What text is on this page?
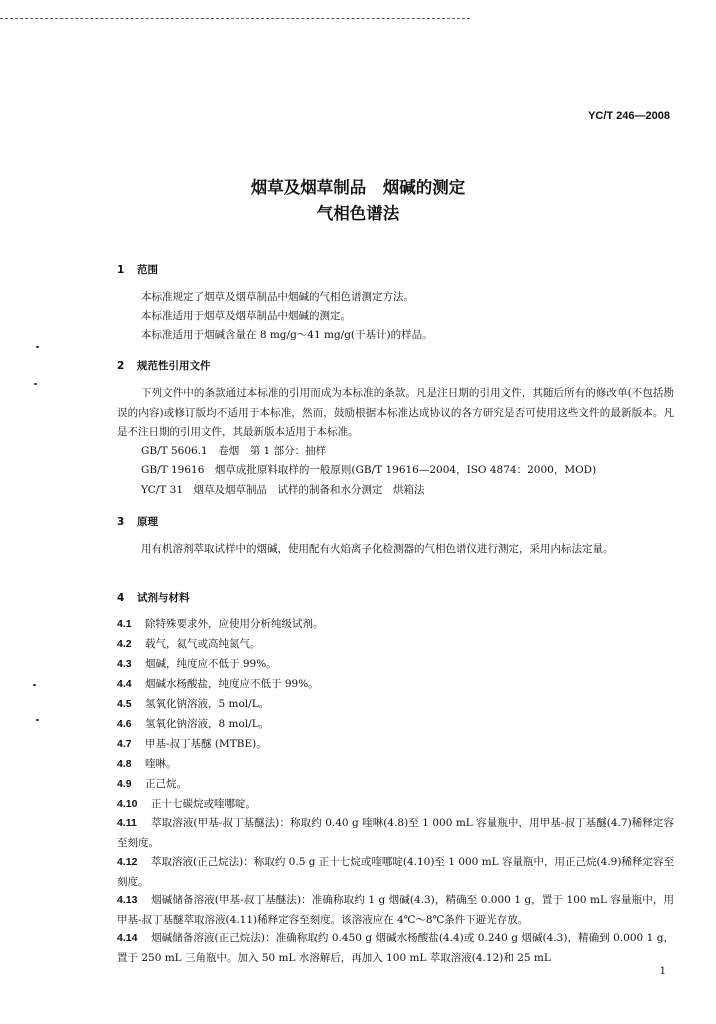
YC/T 246—2008
烟草及烟草制品　烟碱的测定
气相色谱法
1 范围
本标准规定了烟草及烟草制品中烟碱的气相色谱测定方法。
本标准适用于烟草及烟草制品中烟碱的测定。
本标准适用于烟碱含量在 8 mg/g～41 mg/g(干基计)的样品。
2 规范性引用文件
下列文件中的条款通过本标准的引用而成为本标准的条款。凡是注日期的引用文件，其随后所有的修改单(不包括勘误的内容)或修订版均不适用于本标准，然而，鼓励根据本标准达成协议的各方研究是否可使用这些文件的最新版本。凡是不注日期的引用文件，其最新版本适用于本标准。
GB/T 5606.1　卷烟　第 1 部分：抽样
GB/T 19616　烟草成批原料取样的一般原则(GB/T 19616—2004，ISO 4874：2000，MOD)
YC/T 31　烟草及烟草制品　试样的制备和水分测定　烘箱法
3 原理
用有机溶剂萃取试样中的烟碱，使用配有火焰离子化检测器的气相色谱仪进行测定，采用内标法定量。
4 试剂与材料
4.1 除特殊要求外，应使用分析纯级试剂。
4.2 载气，氦气或高纯氮气。
4.3 烟碱，纯度应不低于 99%。
4.4 烟碱水杨酸盐，纯度应不低于 99%。
4.5 氢氧化钠溶液，5 mol/L。
4.6 氢氧化钠溶液，8 mol/L。
4.7 甲基-叔丁基醚 (MTBE)。
4.8 喹啉。
4.9 正己烷。
4.10 正十七碳烷或喹哪啶。
4.11 萃取溶液(甲基-叔丁基醚法)：称取约 0.40 g 喹啉(4.8)至 1 000 mL 容量瓶中，用甲基-叔丁基醚(4.7)稀释定容至刻度。
4.12 萃取溶液(正己烷法)：称取约 0.5 g 正十七烷或喹哪啶(4.10)至 1 000 mL 容量瓶中，用正己烷(4.9)稀释定容至刻度。
4.13 烟碱储备溶液(甲基-叔丁基醚法)：准确称取约 1 g 烟碱(4.3)，精确至 0.000 1 g，置于 100 mL 容量瓶中，用甲基-叔丁基醚萃取溶液(4.11)稀释定容至刻度。该溶液应在 4℃～8℃条件下避光存放。
4.14 烟碱储备溶液(正己烷法)：准确称取约 0.450 g 烟碱水杨酸盐(4.4)或 0.240 g 烟碱(4.3)，精确到 0.000 1 g，置于 250 mL 三角瓶中。加入 50 mL 水溶解后，再加入 100 mL 萃取溶液(4.12)和 25 mL
1
